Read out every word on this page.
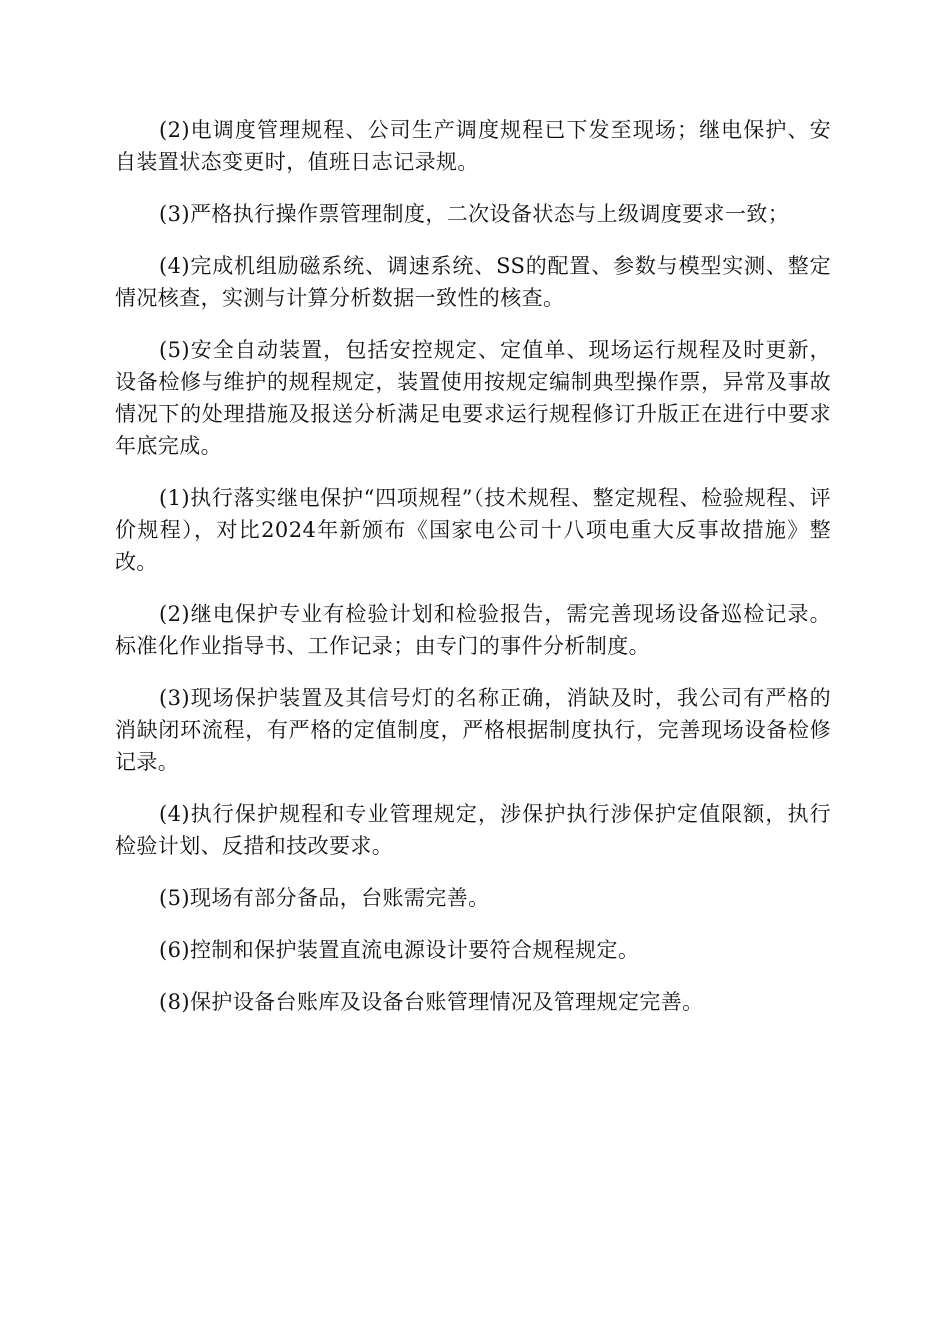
(2)电调度管理规程、公司生产调度规程已下发至现场；继电保护、安自装置状态变更时，值班日志记录规。

(3)严格执行操作票管理制度，二次设备状态与上级调度要求一致；

(4)完成机组励磁系统、调速系统、SS的配置、参数与模型实测、整定情况核查，实测与计算分析数据一致性的核查。

(5)安全自动装置，包括安控规定、定值单、现场运行规程及时更新，设备检修与维护的规程规定，装置使用按规定编制典型操作票，异常及事故情况下的处理措施及报送分析满足电要求运行规程修订升版正在进行中要求年底完成。

(1)执行落实继电保护“四项规程”（技术规程、整定规程、检验规程、评价规程），对比2024年新颁布《国家电公司十八项电重大反事故措施》整改。

(2)继电保护专业有检验计划和检验报告，需完善现场设备巡检记录。标准化作业指导书、工作记录；由专门的事件分析制度。

(3)现场保护装置及其信号灯的名称正确，消缺及时，我公司有严格的消缺闭环流程，有严格的定值制度，严格根据制度执行，完善现场设备检修记录。

(4)执行保护规程和专业管理规定，涉保护执行涉保护定值限额，执行检验计划、反措和技改要求。

(5)现场有部分备品，台账需完善。

(6)控制和保护装置直流电源设计要符合规程规定。

(8)保护设备台账库及设备台账管理情况及管理规定完善。
